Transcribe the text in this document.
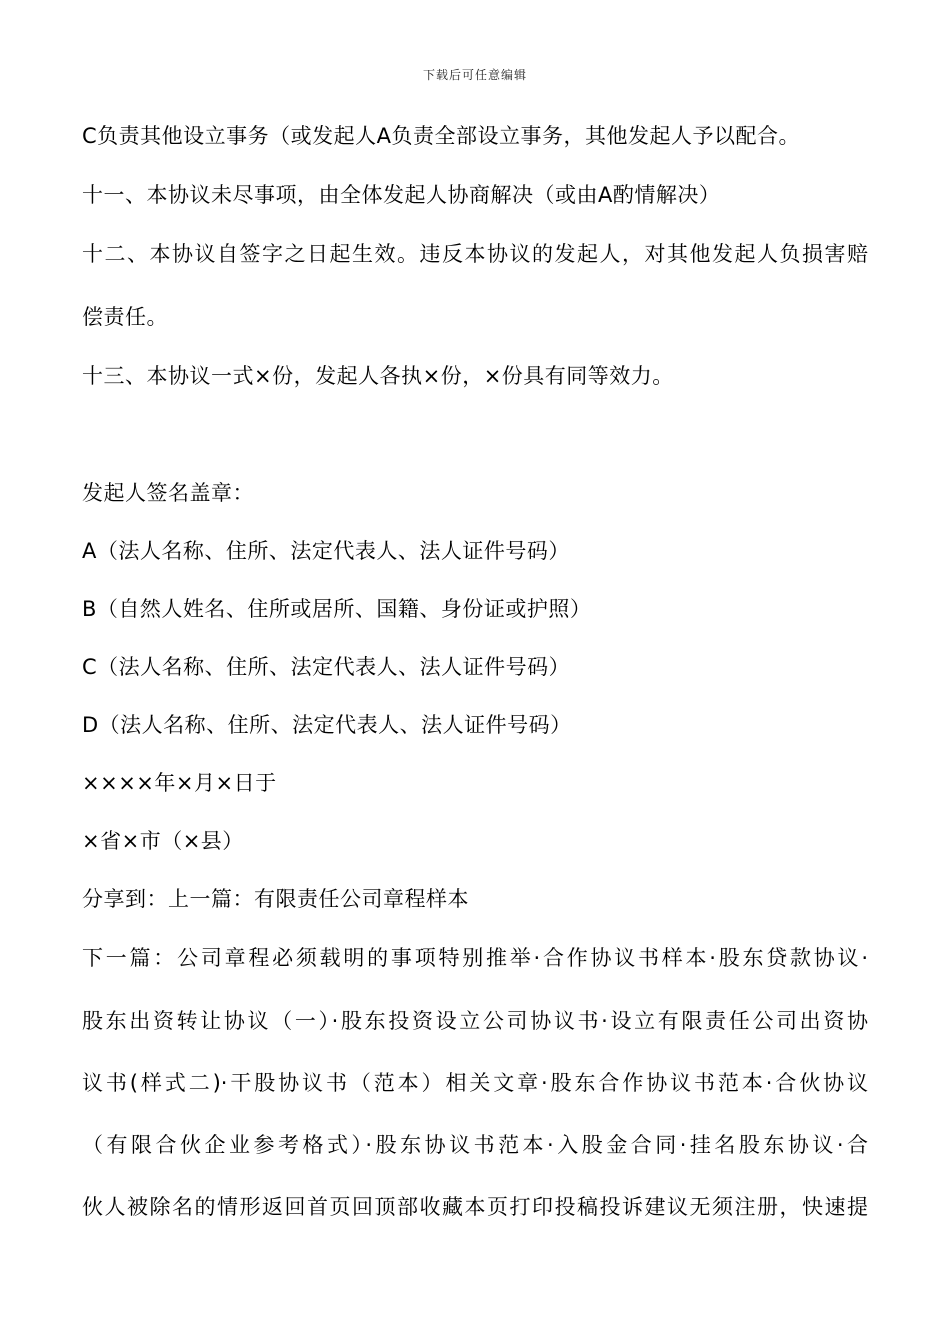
下载后可任意编辑
C负责其他设立事务（或发起人A负责全部设立事务，其他发起人予以配合。
十一、本协议未尽事项，由全体发起人协商解决（或由A酌情解决）
十二、本协议自签字之日起生效。违反本协议的发起人，对其他发起人负损害赔
偿责任。
十三、本协议一式×份，发起人各执×份，×份具有同等效力。
发起人签名盖章：
A（法人名称、住所、法定代表人、法人证件号码）
B（自然人姓名、住所或居所、国籍、身份证或护照）
C（法人名称、住所、法定代表人、法人证件号码）
D（法人名称、住所、法定代表人、法人证件号码）
××××年×月×日于
×省×市（×县）
分享到：上一篇：有限责任公司章程样本
下一篇：公司章程必须载明的事项特别推举·合作协议书样本·股东贷款协议·
股东出资转让协议（一）·股东投资设立公司协议书·设立有限责任公司出资协
议书(样式二)·干股协议书（范本）相关文章·股东合作协议书范本·合伙协议
（有限合伙企业参考格式）·股东协议书范本·入股金合同·挂名股东协议·合
伙人被除名的情形返回首页回顶部收藏本页打印投稿投诉建议无须注册，快速提
